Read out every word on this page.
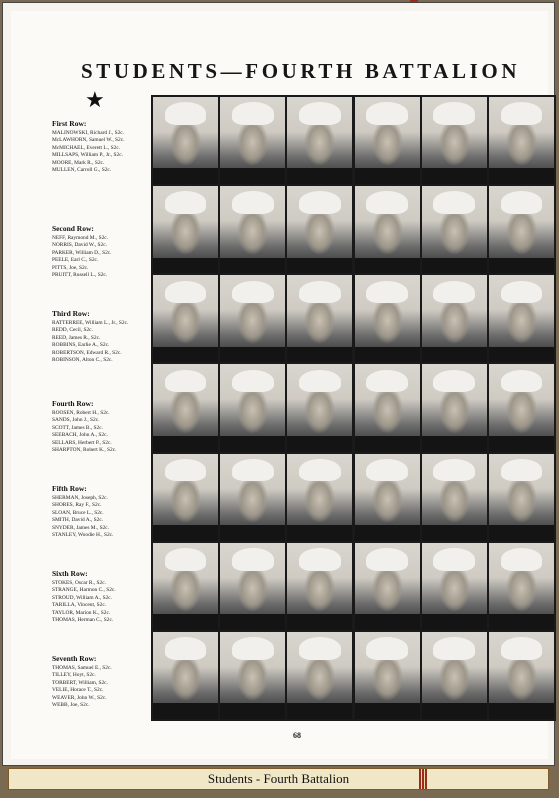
STUDENTS—FOURTH BATTALION
★
First Row:
MALINOWSKI, Richard J., S2c.
McLAWHORN, Samuel W., S2c.
McMICHAEL, Everett L., S2c.
MILLSAPS, William P., Jr., S2c.
MOORE, Mark R., S2c.
MULLEN, Carroll G., S2c.
Second Row:
NEFF, Raymond M., S2c.
NORRIS, David W., S2c.
PARKER, William D., S2c.
PEELE, Earl C., S2c.
PITTS, Joe, S2c.
PRUITT, Russell L., S2c.
Third Row:
RATTERREE, William L., Jr., S2c.
REDD, Cecil, S2c.
REED, James R., S2c.
ROBBINS, Earlie A., S2c.
ROBERTSON, Edward R., S2c.
ROBINSON, Alton C., S2c.
Fourth Row:
ROOSEN, Robert H., S2c.
SANDS, John J., S2c.
SCOTT, James B., S2c.
SEEBACH, John A., S2c.
SELLARS, Herbert P., S2c.
SHARPTON, Robert K., S2c.
Fifth Row:
SHERMAN, Joseph, S2c.
SHORES, Ray F., S2c.
SLOAN, Bruce L., S2c.
SMITH, David A., S2c.
SNYDER, James M., S2c.
STANLEY, Woodie H., S2c.
Sixth Row:
STOKES, Oscar R., S2c.
STRANGE, Harmon C., S2c.
STROUD, William A., S2c.
TARILLA, Vincent, S2c.
TAYLOR, Marion K., S2c.
THOMAS, Herman C., S2c.
Seventh Row:
THOMAS, Samuel E., S2c.
TILLEY, Hoyt, S2c.
TORBERT, William, S2c.
VELIE, Horace T., S2c.
WEAVER, John W., S2c.
WEBB, Joe, S2c.
68
Students - Fourth Battalion
